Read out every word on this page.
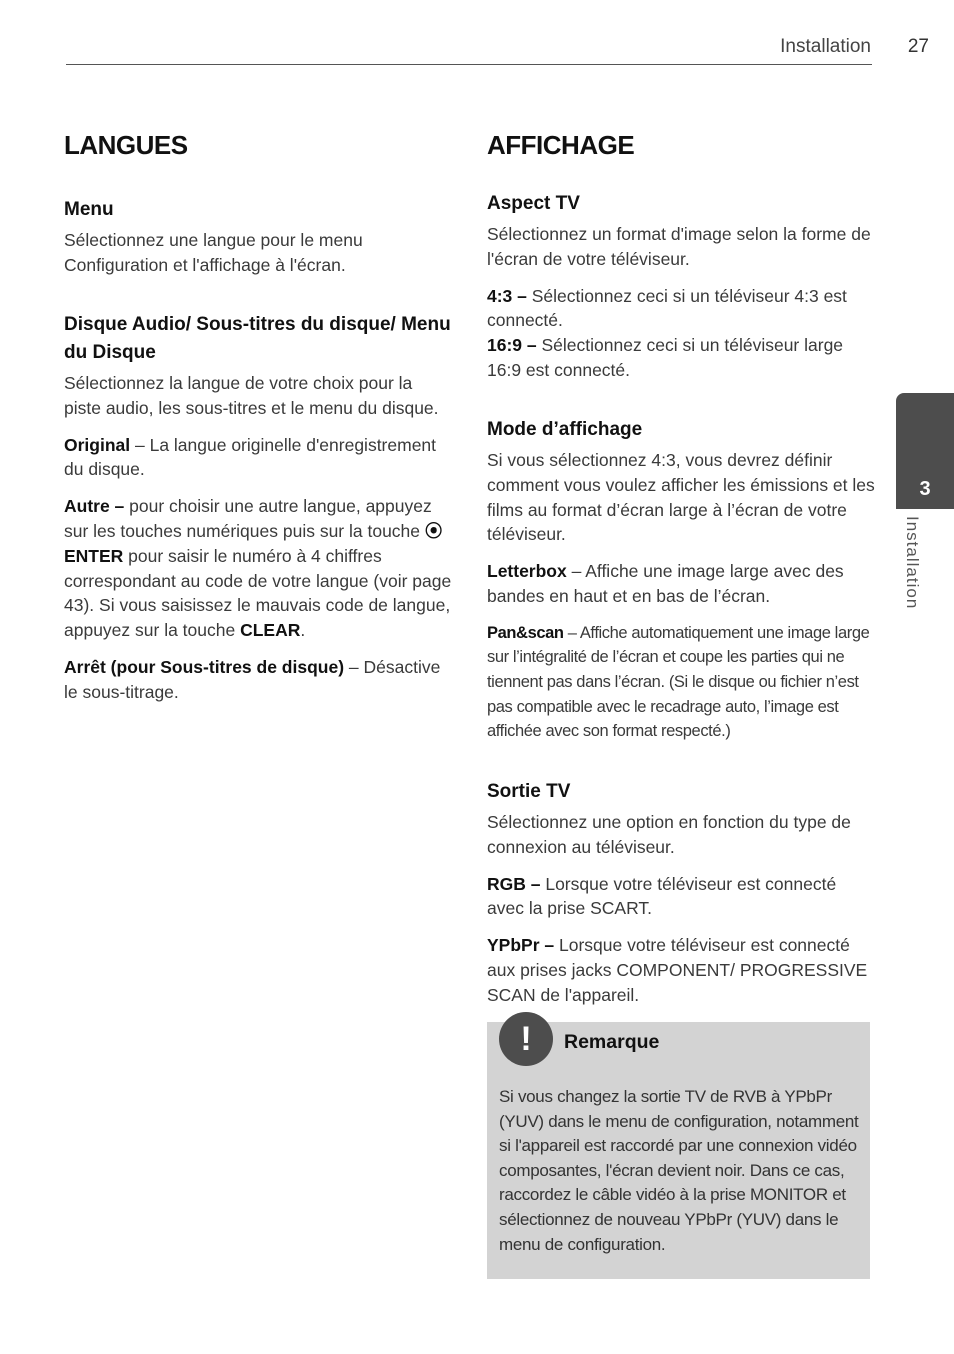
Installation 27
LANGUES
Menu

Sélectionnez une langue pour le menu Configuration et l'affichage à l'écran.

Disque Audio/ Sous-titres du disque/ Menu du Disque

Sélectionnez la langue de votre choix pour la piste audio, les sous-titres et le menu du disque.

Original – La langue originelle d'enregistrement du disque.

Autre – pour choisir une autre langue, appuyez sur les touches numériques puis sur la touche ⦿ ENTER pour saisir le numéro à 4 chiffres correspondant au code de votre langue (voir page 43). Si vous saisissez le mauvais code de langue, appuyez sur la touche CLEAR.

Arrêt (pour Sous-titres de disque) – Désactive le sous-titrage.

AFFICHAGE
Aspect TV

Sélectionnez un format d'image selon la forme de l'écran de votre téléviseur.

4:3 – Sélectionnez ceci si un téléviseur 4:3 est connecté.

16:9 – Sélectionnez ceci si un téléviseur large 16:9 est connecté.

Mode d’affichage

Si vous sélectionnez 4:3, vous devrez définir comment vous voulez afficher les émissions et les films au format d’écran large à l’écran de votre téléviseur.

Letterbox – Affiche une image large avec des bandes en haut et en bas de l’écran.

Pan&scan – Affiche automatiquement une image large sur l’intégralité de l’écran et coupe les parties qui ne tiennent pas dans l’écran. (Si le disque ou fichier n’est pas compatible avec le recadrage auto, l’image est affichée avec son format respecté.)

Sortie TV

Sélectionnez une option en fonction du type de connexion au téléviseur.

RGB – Lorsque votre téléviseur est connecté avec la prise SCART.

YPbPr – Lorsque votre téléviseur est connecté aux prises jacks COMPONENT/ PROGRESSIVE SCAN de l'appareil.

3
Installation
!	Remarque

Si vous changez la sortie TV de RVB à YPbPr (YUV) dans le menu de configuration, notamment si l'appareil est raccordé par une connexion vidéo composantes, l'écran devient noir. Dans ce cas, raccordez le câble vidéo à la prise MONITOR et sélectionnez de nouveau YPbPr (YUV) dans le menu de configuration.
